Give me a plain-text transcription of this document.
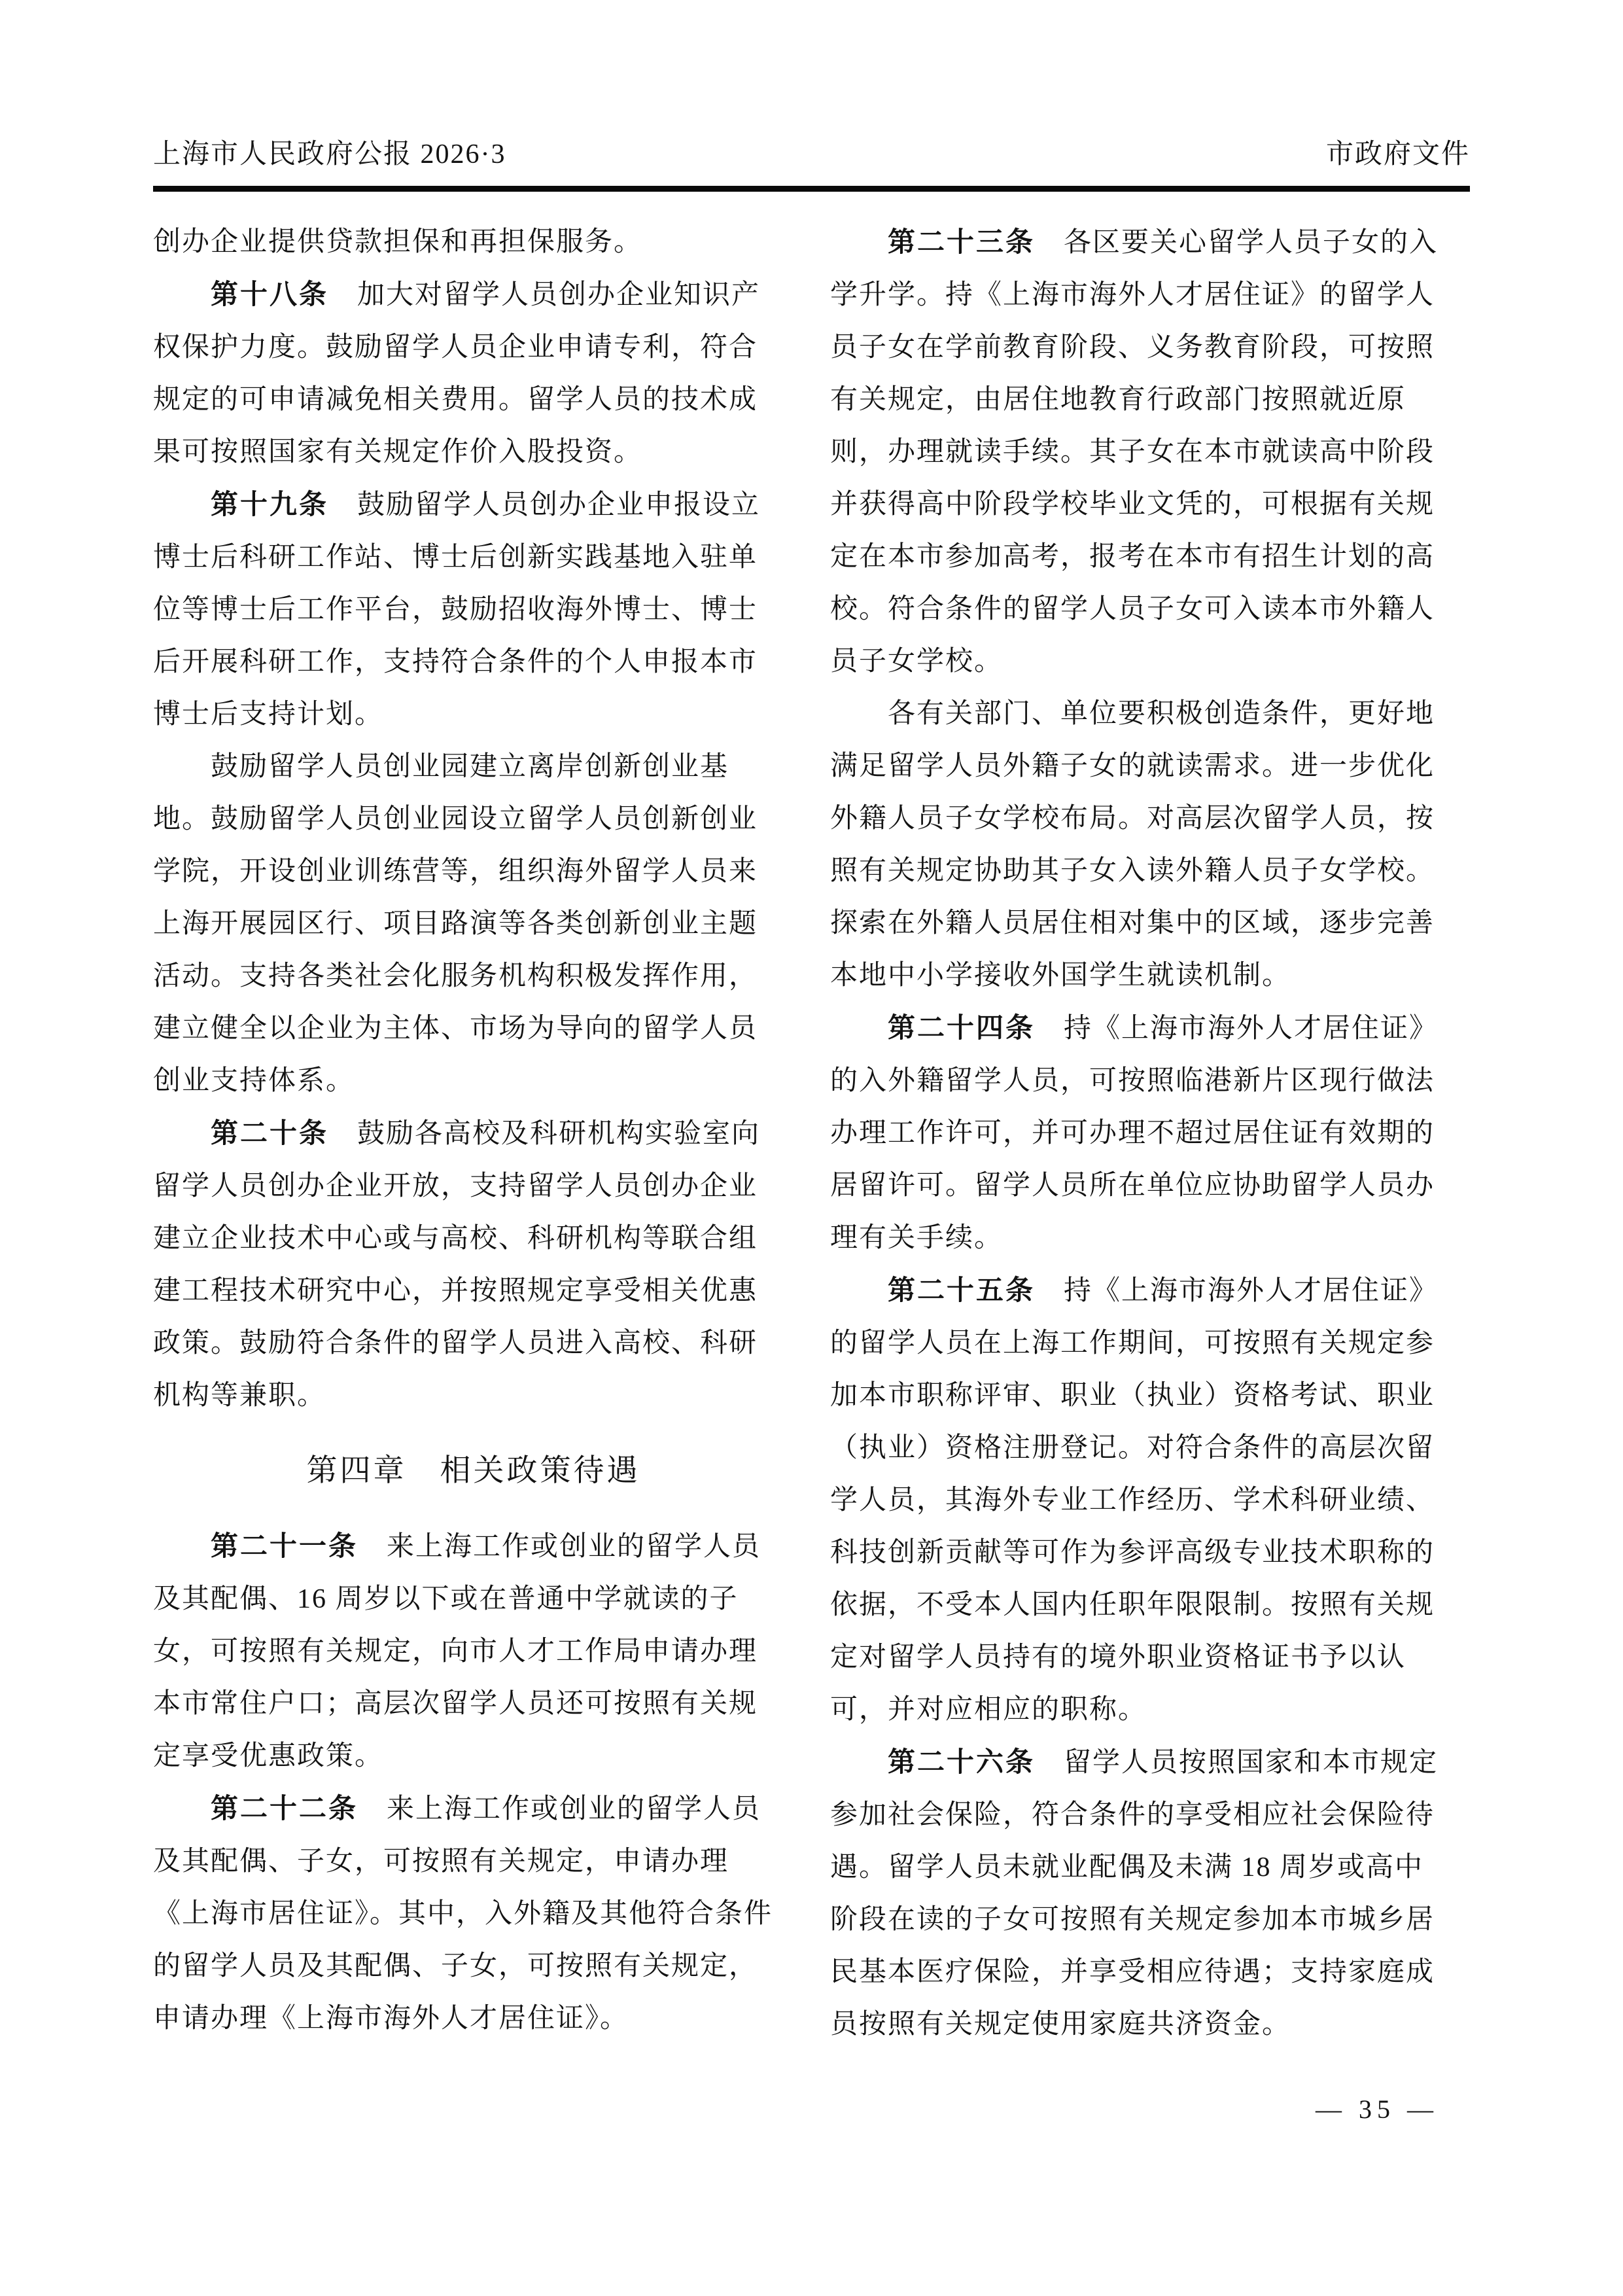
上海市人民政府公报 2026·3	市政府文件
创办企业提供贷款担保和再担保服务。
　　第十八条　加大对留学人员创办企业知识产
权保护力度。鼓励留学人员企业申请专利，符合
规定的可申请减免相关费用。留学人员的技术成
果可按照国家有关规定作价入股投资。
　　第十九条　鼓励留学人员创办企业申报设立
博士后科研工作站、博士后创新实践基地入驻单
位等博士后工作平台，鼓励招收海外博士、博士
后开展科研工作，支持符合条件的个人申报本市
博士后支持计划。
　　鼓励留学人员创业园建立离岸创新创业基
地。鼓励留学人员创业园设立留学人员创新创业
学院，开设创业训练营等，组织海外留学人员来
上海开展园区行、项目路演等各类创新创业主题
活动。支持各类社会化服务机构积极发挥作用，
建立健全以企业为主体、市场为导向的留学人员
创业支持体系。
　　第二十条　鼓励各高校及科研机构实验室向
留学人员创办企业开放，支持留学人员创办企业
建立企业技术中心或与高校、科研机构等联合组
建工程技术研究中心，并按照规定享受相关优惠
政策。鼓励符合条件的留学人员进入高校、科研
机构等兼职。
第四章　相关政策待遇
　　第二十一条　来上海工作或创业的留学人员
及其配偶、16 周岁以下或在普通中学就读的子
女，可按照有关规定，向市人才工作局申请办理
本市常住户口；高层次留学人员还可按照有关规
定享受优惠政策。
　　第二十二条　来上海工作或创业的留学人员
及其配偶、子女，可按照有关规定，申请办理
《上海市居住证》。其中，入外籍及其他符合条件
的留学人员及其配偶、子女，可按照有关规定，
申请办理《上海市海外人才居住证》。
　　第二十三条　各区要关心留学人员子女的入
学升学。持《上海市海外人才居住证》的留学人
员子女在学前教育阶段、义务教育阶段，可按照
有关规定，由居住地教育行政部门按照就近原
则，办理就读手续。其子女在本市就读高中阶段
并获得高中阶段学校毕业文凭的，可根据有关规
定在本市参加高考，报考在本市有招生计划的高
校。符合条件的留学人员子女可入读本市外籍人
员子女学校。
　　各有关部门、单位要积极创造条件，更好地
满足留学人员外籍子女的就读需求。进一步优化
外籍人员子女学校布局。对高层次留学人员，按
照有关规定协助其子女入读外籍人员子女学校。
探索在外籍人员居住相对集中的区域，逐步完善
本地中小学接收外国学生就读机制。
　　第二十四条　持《上海市海外人才居住证》
的入外籍留学人员，可按照临港新片区现行做法
办理工作许可，并可办理不超过居住证有效期的
居留许可。留学人员所在单位应协助留学人员办
理有关手续。
　　第二十五条　持《上海市海外人才居住证》
的留学人员在上海工作期间，可按照有关规定参
加本市职称评审、职业（执业）资格考试、职业
（执业）资格注册登记。对符合条件的高层次留
学人员，其海外专业工作经历、学术科研业绩、
科技创新贡献等可作为参评高级专业技术职称的
依据，不受本人国内任职年限限制。按照有关规
定对留学人员持有的境外职业资格证书予以认
可，并对应相应的职称。
　　第二十六条　留学人员按照国家和本市规定
参加社会保险，符合条件的享受相应社会保险待
遇。留学人员未就业配偶及未满 18 周岁或高中
阶段在读的子女可按照有关规定参加本市城乡居
民基本医疗保险，并享受相应待遇；支持家庭成
员按照有关规定使用家庭共济资金。
— 35 —
